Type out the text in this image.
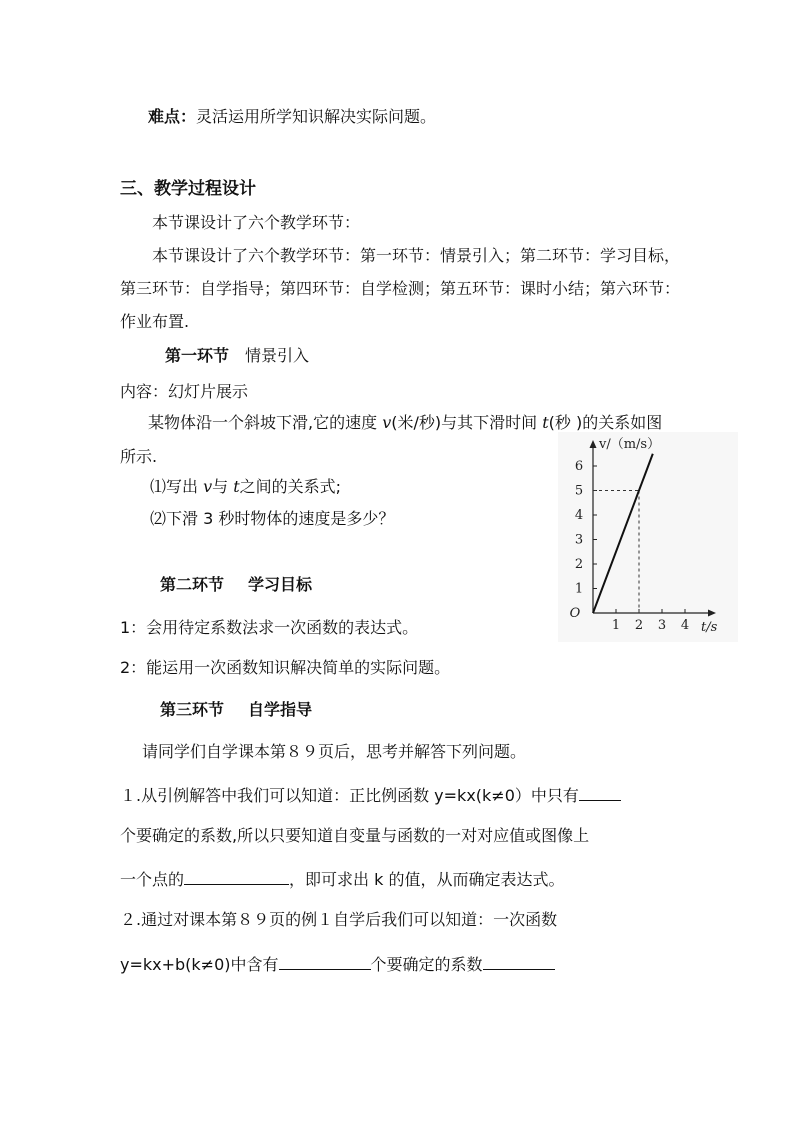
难点：灵活运用所学知识解决实际问题。
三、教学过程设计
本节课设计了六个教学环节：
本节课设计了六个教学环节：第一环节：情景引入；第二环节：学习目标，
第三环节：自学指导；第四环节：自学检测；第五环节：课时小结；第六环节：
作业布置.
第一环节 情景引入
内容：幻灯片展示
某物体沿一个斜坡下滑,它的速度 v(米/秒)与其下滑时间 t(秒 )的关系如图
所示.
⑴写出 v与 t之间的关系式;
⑵下滑 3 秒时物体的速度是多少？
1 2 3 4
1
2
3
4
5
6
O
t/s
v/（m/s）
第二环节 学习目标
1：会用待定系数法求一次函数的表达式。
2：能运用一次函数知识解决简单的实际问题。
第三环节 自学指导
请同学们自学课本第８９页后，思考并解答下列问题。
１.从引例解答中我们可以知道：正比例函数 y=kx(k≠0）中只有
个要确定的系数,所以只要知道自变量与函数的一对对应值或图像上
一个点的	，即可求出 k 的值，从而确定表达式。
２.通过对课本第８９页的例１自学后我们可以知道：一次函数
y=kx+b(k≠0)中含有	个要确定的系数
